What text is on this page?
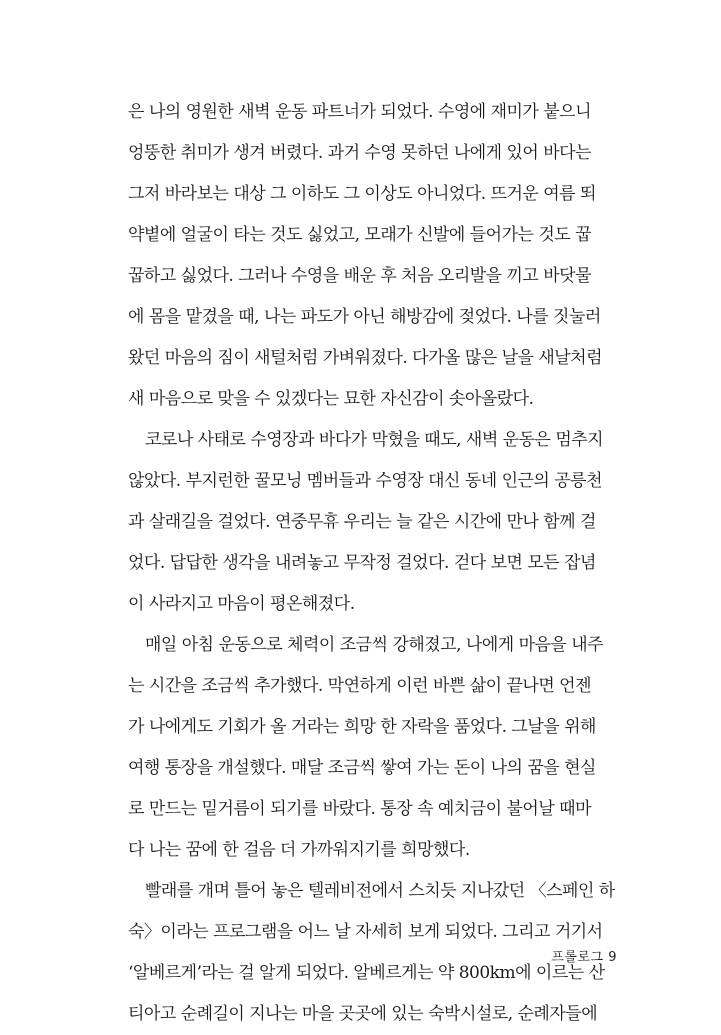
은 나의 영원한 새벽 운동 파트너가 되었다. 수영에 재미가 붙으니
엉뚱한 취미가 생겨 버렸다. 과거 수영 못하던 나에게 있어 바다는
그저 바라보는 대상 그 이하도 그 이상도 아니었다. 뜨거운 여름 뙤
약볕에 얼굴이 타는 것도 싫었고, 모래가 신발에 들어가는 것도 꿉
꿉하고 싫었다. 그러나 수영을 배운 후 처음 오리발을 끼고 바닷물
에 몸을 맡겼을 때, 나는 파도가 아닌 해방감에 젖었다. 나를 짓눌러
왔던 마음의 짐이 새털처럼 가벼워졌다. 다가올 많은 날을 새날처럼
새 마음으로 맞을 수 있겠다는 묘한 자신감이 솟아올랐다.
코로나 사태로 수영장과 바다가 막혔을 때도, 새벽 운동은 멈추지
않았다. 부지런한 꿀모닝 멤버들과 수영장 대신 동네 인근의 공릉천
과 살래길을 걸었다. 연중무휴 우리는 늘 같은 시간에 만나 함께 걸
었다. 답답한 생각을 내려놓고 무작정 걸었다. 걷다 보면 모든 잡념
이 사라지고 마음이 평온해졌다.
매일 아침 운동으로 체력이 조금씩 강해졌고, 나에게 마음을 내주
는 시간을 조금씩 추가했다. 막연하게 이런 바쁜 삶이 끝나면 언젠
가 나에게도 기회가 올 거라는 희망 한 자락을 품었다. 그날을 위해
여행 통장을 개설했다. 매달 조금씩 쌓여 가는 돈이 나의 꿈을 현실
로 만드는 밑거름이 되기를 바랐다. 통장 속 예치금이 불어날 때마
다 나는 꿈에 한 걸음 더 가까워지기를 희망했다.
빨래를 개며 틀어 놓은 텔레비전에서 스치듯 지나갔던 〈스페인 하
숙〉이라는 프로그램을 어느 날 자세히 보게 되었다. 그리고 거기서
‘알베르게’라는 걸 알게 되었다. 알베르게는 약 800km에 이르는 산
티아고 순례길이 지나는 마을 곳곳에 있는 숙박시설로, 순례자들에
프롤로그 9
